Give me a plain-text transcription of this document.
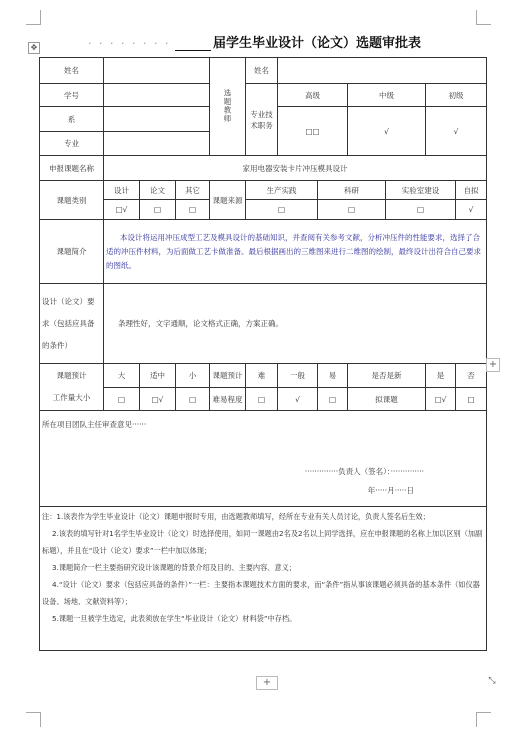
✥	· · · · · · · ·	届学生毕业设计（论文）选题审批表
姓名				选题教师	姓名						
学号					专业技术职务	高级		中级		初级	
系						□□		√		√	
专业											
申报课题名称	家用电器安装卡片冲压模具设计										
课题类别	设计	论文	其它	课题来源	生产实践		科研		实验室建设		自拟
	□√	□	□		□		□		□		√
课题简介	本设计将运用冲压成型工艺及模具设计的基础知识，并查阅有关参考文献，分析冲压件的性能要求，选择了合适的冲压件材料，为后面做工艺卡做准备。最后根据画出的三维图来进行二维图的绘制，最终设计出符合自己要求的图纸。										

设计（论文）要求（包括应具备的条件）	条理性好，文字通顺，论文格式正确，方案正确。										

课题预计
工作量大小	大	适中	小	课题预计	难	一般	易	是否是新		是	否
	□	□√	□	难易程度	□	√	□	拟课题		□√	□

所在项目团队主任审查意见······
··············负责人（签名）：··············
年·····月·····日											

注：1.该表作为学生毕业设计（论文）课题申报时专用，由选题教师填写，经所在专业有关人员讨论，负责人签名后生效；

2.该表的填写针对1名学生毕业设计（论文）时选择使用，如同一课题由2名及2名以上同学选择，应在申报课题的名称上加以区别（加副标题），并且在“设计（论文）要求”一栏中加以体现；

3.课题简介一栏主要指研究设计该课题的背景介绍及目的、主要内容、意义；

4.“设计（论文）要求（包括应具备的条件）”一栏：主要指本课题技术方面的要求，而“条件”指从事该课题必须具备的基本条件（如仪器设备、场地、文献资料等）；

5.课题一旦被学生选定，此表须放在学生“毕业设计（论文）材料袋”中存档。											

+
+	⤡
